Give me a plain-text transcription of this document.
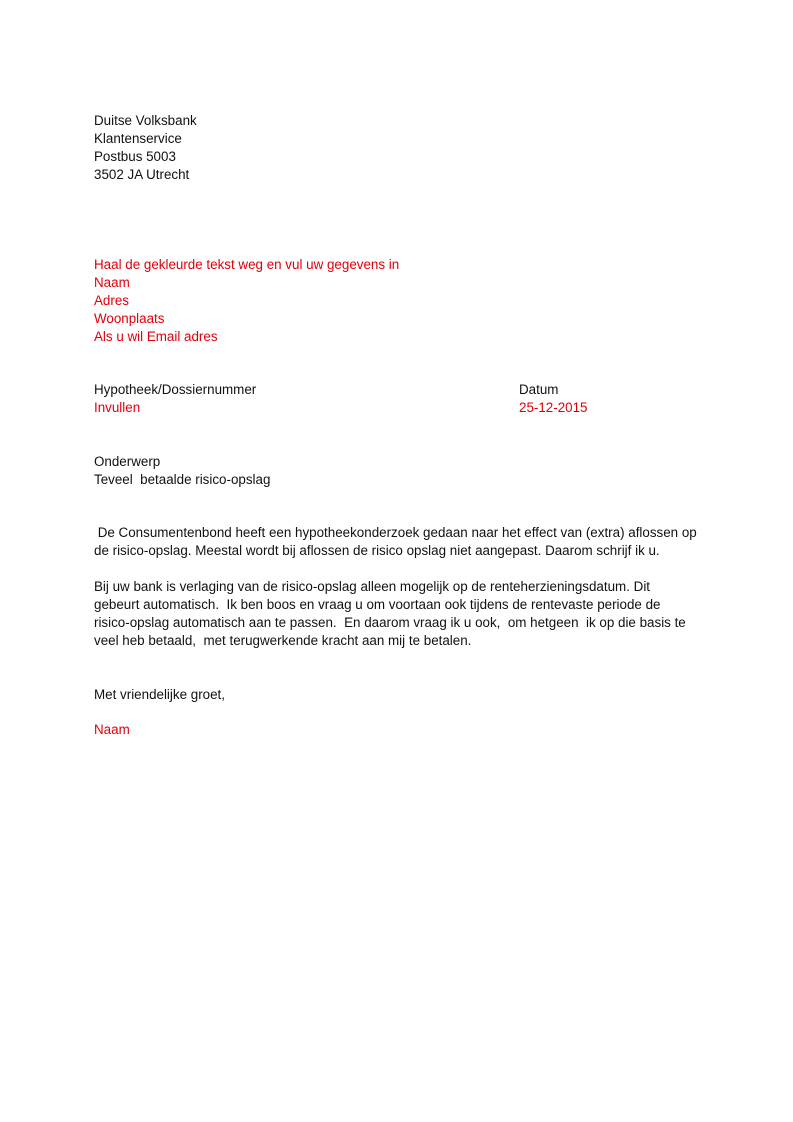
Duitse Volksbank
Klantenservice
Postbus 5003
3502 JA Utrecht
Haal de gekleurde tekst weg en vul uw gegevens in
Naam
Adres
Woonplaats
Als u wil Email adres
Hypotheek/Dossiernummer	Datum
Invullen	25-12-2015
Onderwerp
Teveel  betaalde risico-opslag
De Consumentenbond heeft een hypotheekonderzoek gedaan naar het effect van (extra) aflossen op
de risico-opslag. Meestal wordt bij aflossen de risico opslag niet aangepast. Daarom schrijf ik u.
Bij uw bank is verlaging van de risico-opslag alleen mogelijk op de renteherzieningsdatum. Dit
gebeurt automatisch.  Ik ben boos en vraag u om voortaan ook tijdens de rentevaste periode de
risico-opslag automatisch aan te passen.  En daarom vraag ik u ook,  om hetgeen  ik op die basis te
veel heb betaald,  met terugwerkende kracht aan mij te betalen.
Met vriendelijke groet,
Naam
